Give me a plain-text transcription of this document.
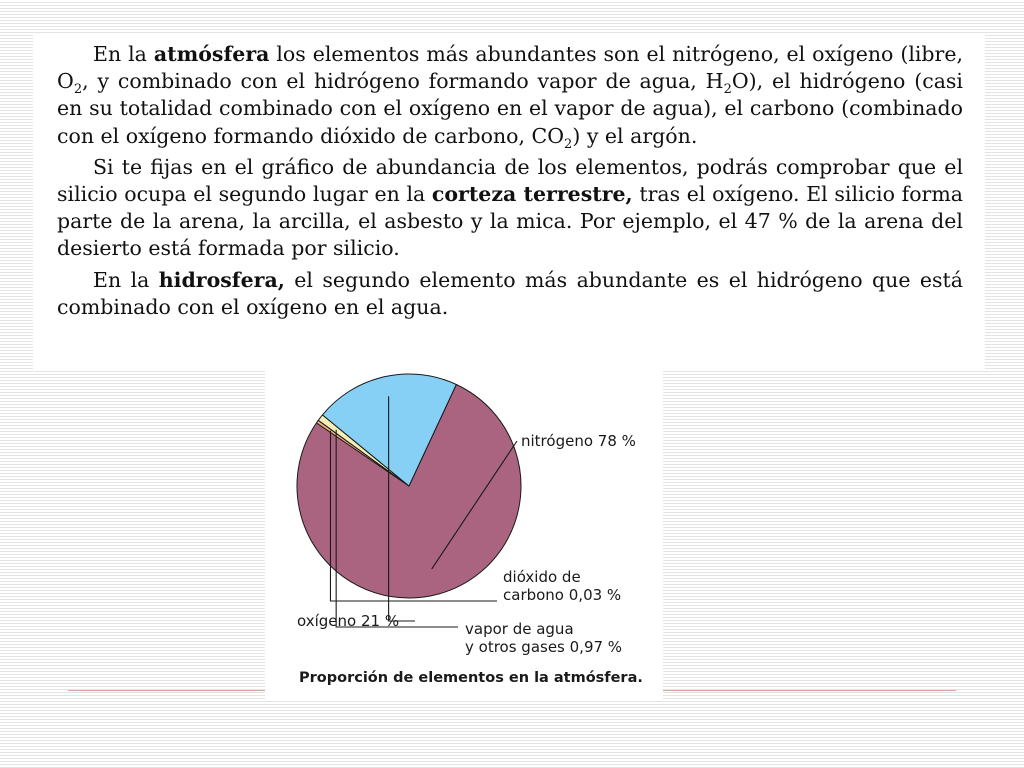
En la atmósfera los elementos más abundantes son el nitrógeno, el oxígeno (libre, $O_2$, y combinado con el hidrógeno formando vapor de agua, $H_2O$), el hidrógeno (casi en su totalidad combinado con el oxígeno en el vapor de agua), el carbono (combinado con el oxígeno formando dióxido de carbono, $CO_2$) y el argón.

Si te fijas en el gráfico de abundancia de los elementos, podrás comprobar que el silicio ocupa el segundo lugar en la corteza terrestre, tras el oxígeno. El silicio forma parte de la arena, la arcilla, el asbesto y la mica. Por ejemplo, el 47 % de la arena del desierto está formada por silicio.

En la hidrosfera, el segundo elemento más abundante es el hidrógeno que está combinado con el oxígeno en el agua.

nitrógeno 78 %
dióxido de carbono 0,03 %
vapor de agua y otros gases 0,97 %
oxígeno 21 %
Proporción de elementos en la atmósfera.
